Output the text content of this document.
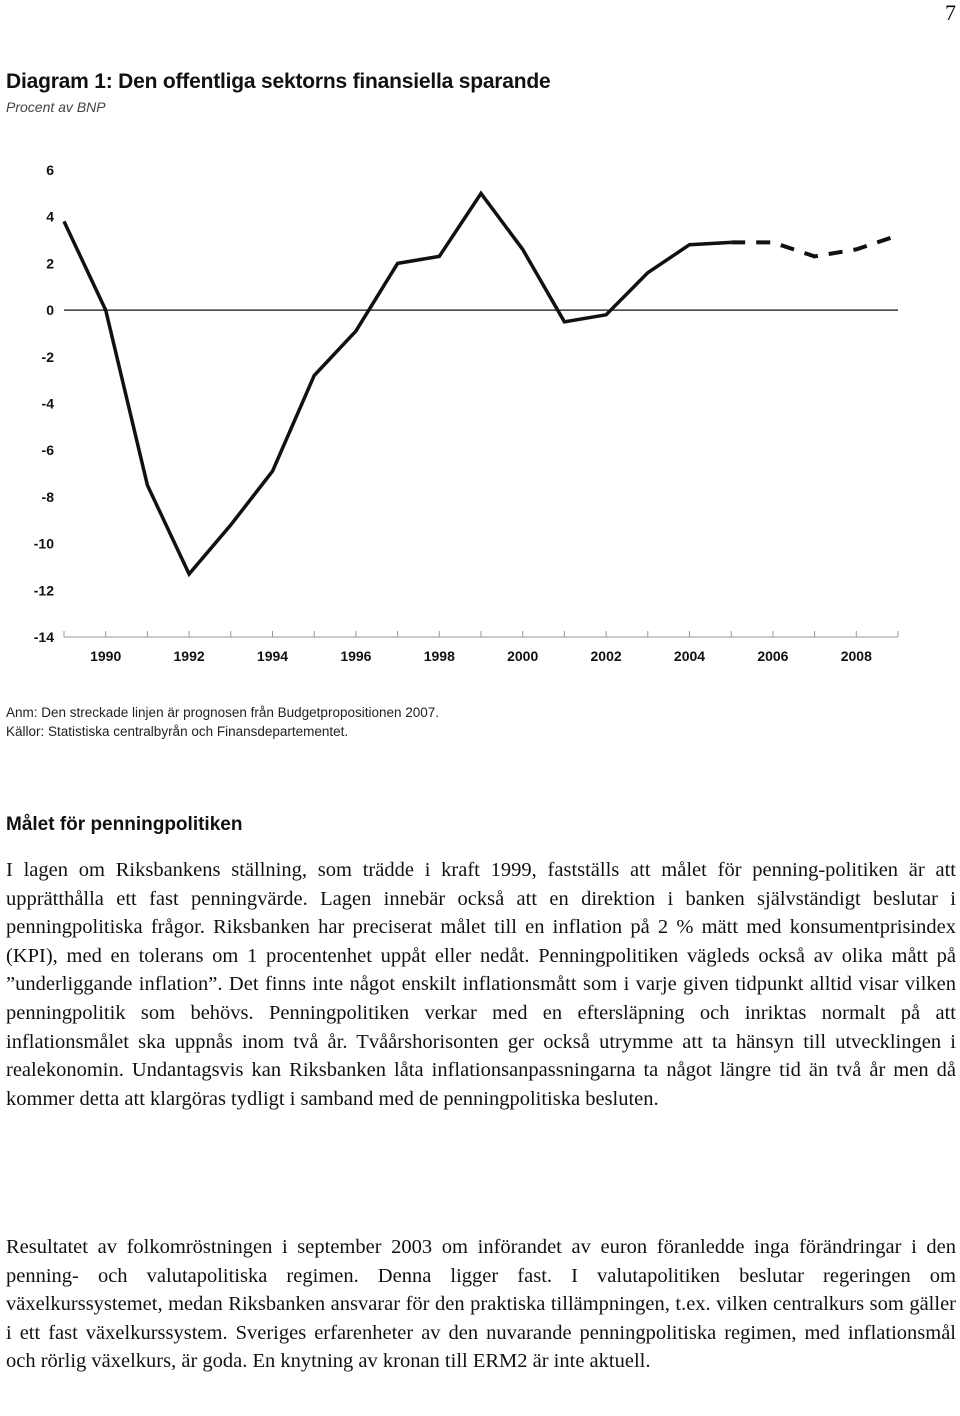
7
Diagram 1: Den offentliga sektorns finansiella sparande
Procent av BNP
6
4
2
0
-2
-4
-6
-8
-10
-12
-14
1990	1992	1994	1996	1998	2000	2002	2004	2006	2008
Anm: Den streckade linjen är prognosen från Budgetpropositionen 2007.
Källor: Statistiska centralbyrån och Finansdepartementet.
Målet för penningpolitiken

I lagen om Riksbankens ställning, som trädde i kraft 1999, fastställs att målet för penning-politiken är att upprätthålla ett fast penningvärde. Lagen innebär också att en direktion i banken självständigt beslutar i penningpolitiska frågor. Riksbanken har preciserat målet till en inflation på 2 % mätt med konsumentprisindex (KPI), med en tolerans om 1 procentenhet uppåt eller nedåt. Penningpolitiken vägleds också av olika mått på ”underliggande inflation”. Det finns inte något enskilt inflationsmått som i varje given tidpunkt alltid visar vilken penningpolitik som behövs. Penningpolitiken verkar med en eftersläpning och inriktas normalt på att inflationsmålet ska uppnås inom två år. Tvåårshorisonten ger också utrymme att ta hänsyn till utvecklingen i realekonomin. Undantagsvis kan Riksbanken låta inflationsanpassningarna ta något längre tid än två år men då kommer detta att klargöras tydligt i samband med de penningpolitiska besluten.

Resultatet av folkomröstningen i september 2003 om införandet av euron föranledde inga förändringar i den penning- och valutapolitiska regimen. Denna ligger fast. I valutapolitiken beslutar regeringen om växelkurssystemet, medan Riksbanken ansvarar för den praktiska tillämpningen, t.ex. vilken centralkurs som gäller i ett fast växelkurssystem. Sveriges erfarenheter av den nuvarande penningpolitiska regimen, med inflationsmål och rörlig växelkurs, är goda. En knytning av kronan till ERM2 är inte aktuell.
